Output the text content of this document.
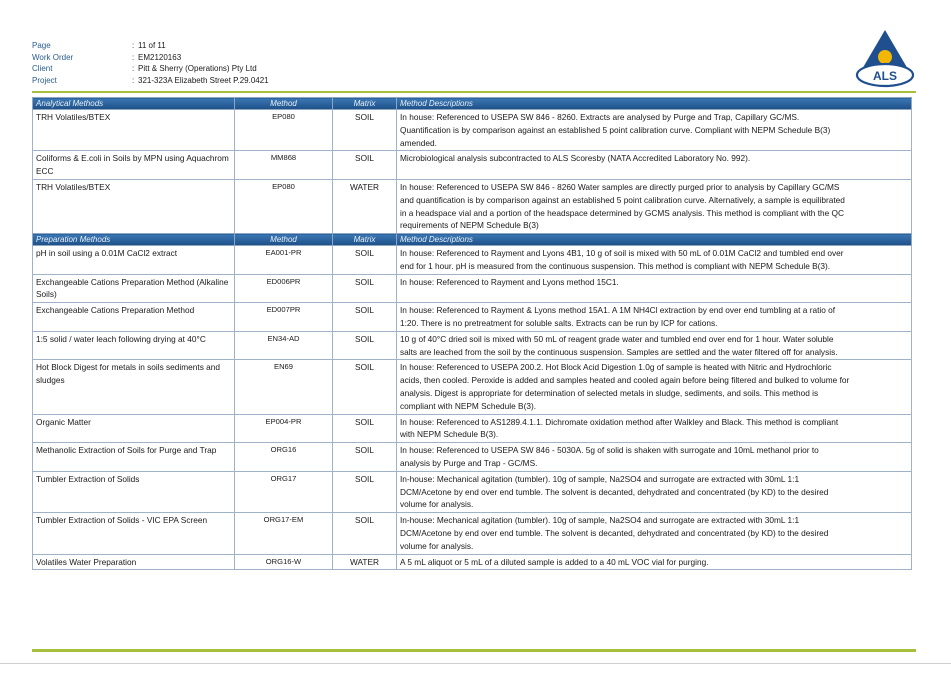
Page	: 11 of 11
Work Order	: EM2120163
Client	: Pitt & Sherry (Operations) Pty Ltd
Project	: 321-323A Elizabeth Street P.29.0421	ALS
Analytical Methods	Method	Matrix	Method Descriptions
TRH Volatiles/BTEX	EP080	SOIL	In house: Referenced to USEPA SW 846 - 8260. Extracts are analysed by Purge and Trap, Capillary GC/MS. Quantification is by comparison against an established 5 point calibration curve. Compliant with NEPM Schedule B(3) amended.
Coliforms & E.coli in Soils by MPN using Aquachrom ECC	MM868	SOIL	Microbiological analysis subcontracted to ALS Scoresby (NATA Accredited Laboratory No. 992).
TRH Volatiles/BTEX	EP080	WATER	In house: Referenced to USEPA SW 846 - 8260 Water samples are directly purged prior to analysis by Capillary GC/MS and quantification is by comparison against an established 5 point calibration curve. Alternatively, a sample is equilibrated in a headspace vial and a portion of the headspace determined by GCMS analysis. This method is compliant with the QC requirements of NEPM Schedule B(3)
Preparation Methods	Method	Matrix	Method Descriptions
pH in soil using a 0.01M CaCl2 extract	EA001-PR	SOIL	In house: Referenced to Rayment and Lyons 4B1, 10 g of soil is mixed with 50 mL of 0.01M CaCl2 and tumbled end over end for 1 hour. pH is measured from the continuous suspension. This method is compliant with NEPM Schedule B(3).
Exchangeable Cations Preparation Method (Alkaline Soils)	ED006PR	SOIL	In house: Referenced to Rayment and Lyons method 15C1.
Exchangeable Cations Preparation Method	ED007PR	SOIL	In house: Referenced to Rayment & Lyons method 15A1. A 1M NH4Cl extraction by end over end tumbling at a ratio of 1:20. There is no pretreatment for soluble salts. Extracts can be run by ICP for cations.
1:5 solid / water leach following drying at 40°C	EN34-AD	SOIL	10 g of 40°C dried soil is mixed with 50 mL of reagent grade water and tumbled end over end for 1 hour. Water soluble salts are leached from the soil by the continuous suspension. Samples are settled and the water filtered off for analysis.
Hot Block Digest for metals in soils sediments and sludges	EN69	SOIL	In house: Referenced to USEPA 200.2. Hot Block Acid Digestion 1.0g of sample is heated with Nitric and Hydrochloric acids, then cooled. Peroxide is added and samples heated and cooled again before being filtered and bulked to volume for analysis. Digest is appropriate for determination of selected metals in sludge, sediments, and soils. This method is compliant with NEPM Schedule B(3).
Organic Matter	EP004-PR	SOIL	In house: Referenced to AS1289.4.1.1. Dichromate oxidation method after Walkley and Black. This method is compliant with NEPM Schedule B(3).
Methanolic Extraction of Soils for Purge and Trap	ORG16	SOIL	In house: Referenced to USEPA SW 846 - 5030A. 5g of solid is shaken with surrogate and 10mL methanol prior to analysis by Purge and Trap - GC/MS.
Tumbler Extraction of Solids	ORG17	SOIL	In-house: Mechanical agitation (tumbler). 10g of sample, Na2SO4 and surrogate are extracted with 30mL 1:1 DCM/Acetone by end over end tumble. The solvent is decanted, dehydrated and concentrated (by KD) to the desired volume for analysis.
Tumbler Extraction of Solids - VIC EPA Screen	ORG17-EM	SOIL	In-house: Mechanical agitation (tumbler). 10g of sample, Na2SO4 and surrogate are extracted with 30mL 1:1 DCM/Acetone by end over end tumble. The solvent is decanted, dehydrated and concentrated (by KD) to the desired volume for analysis.
Volatiles Water Preparation	ORG16-W	WATER	A 5 mL aliquot or 5 mL of a diluted sample is added to a 40 mL VOC vial for purging.
